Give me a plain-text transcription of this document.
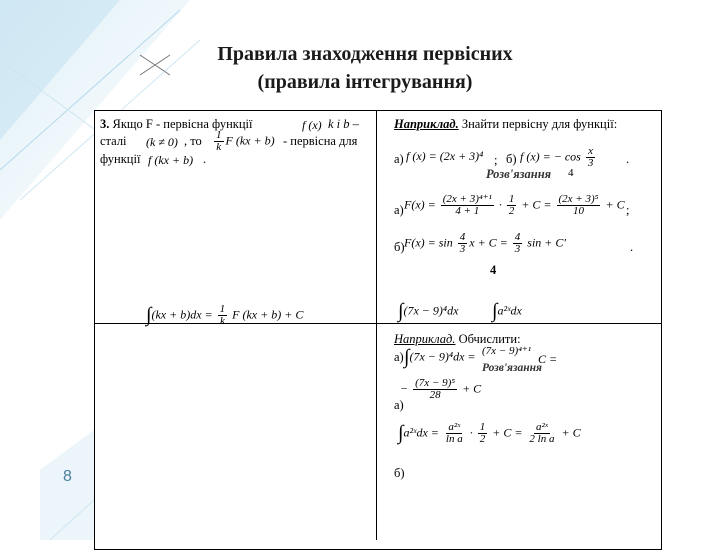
Правила знаходження первісних
(правила інтегрування)
3. Якщо F - первісна функції	f (x) k і b –
сталі (k ≠ 0) , то $\frac{1}{k}$ F (kx + b) - первісна для
функції f (kx + b) .
$\int(kx + b)dx = \frac{1}{k}$ F (kx + b) + C
8
Наприклад. Знайти первісну для функції:
а) f (x) = (2x + 3)⁴ ; б) f (x) = − $\cos \frac{x}{3}$
4
.
Розв'язання
а) $F(x) = \frac{\text{(2x + 3)⁴⁺¹}}{4 + 1} \cdot \frac{1}{2} + C = \frac{\text{(2x + 3)⁵}}{10} + C$ ;
б) $F(x) = \sin \frac{4}{3}$ $x + C = \frac{4}{3}$ sin + C'	.
4
∫(7x − 9)⁴dx ∫a²ˣdx
Наприклад. Обчислити:
а) ∫(7x − 9)⁴dx = (7x − 9)⁴⁺¹
C =
Розв'язання
а)
− $\frac{\text{(7x − 9)⁵}}{28} + C$
∫a²ˣdx = $\frac{\text{a²ˣ}}{\text{ln a}} \cdot \frac{1}{2} + C = \frac{\text{a²ˣ}}{\text{2 ln a}} + C$
б)
